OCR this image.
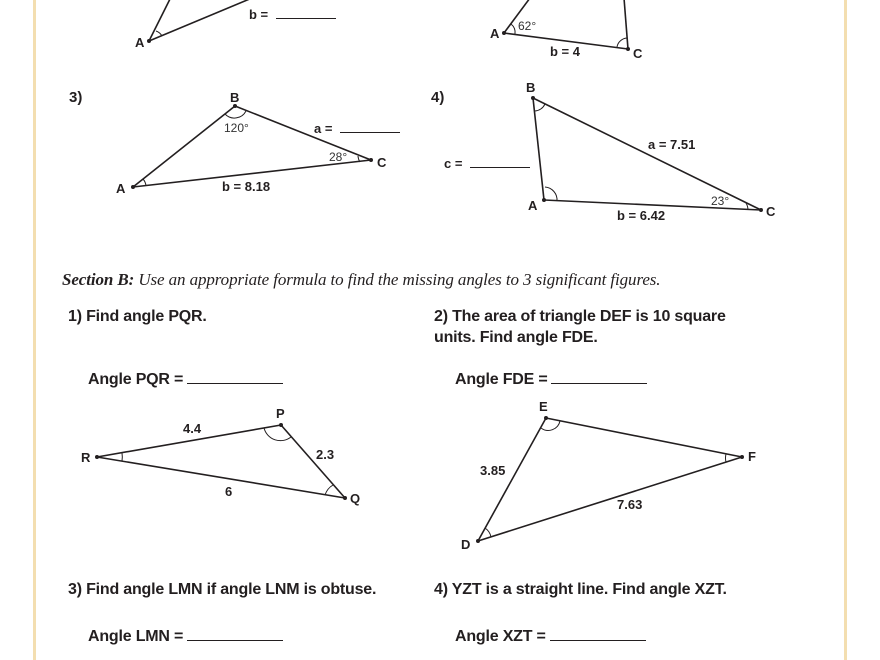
A
b =
A 62°
b = 4	C
3)	B
120°	a =
28° C
A	b = 8.18
4)
B
a = 7.51
c =
A	23°
C
b = 6.42
Section B: Use an appropriate formula to find the missing angles to 3 significant figures.
1) Find angle PQR.
Angle PQR =
P
4.4
R	2.3
6	Q
2) The area of triangle DEF is 10 square
units. Find angle FDE.
Angle FDE =
E
F
3.85
7.63
D
3) Find angle LMN if angle LNM is obtuse.
Angle LMN =
4) YZT is a straight line. Find angle XZT.
Angle XZT =
